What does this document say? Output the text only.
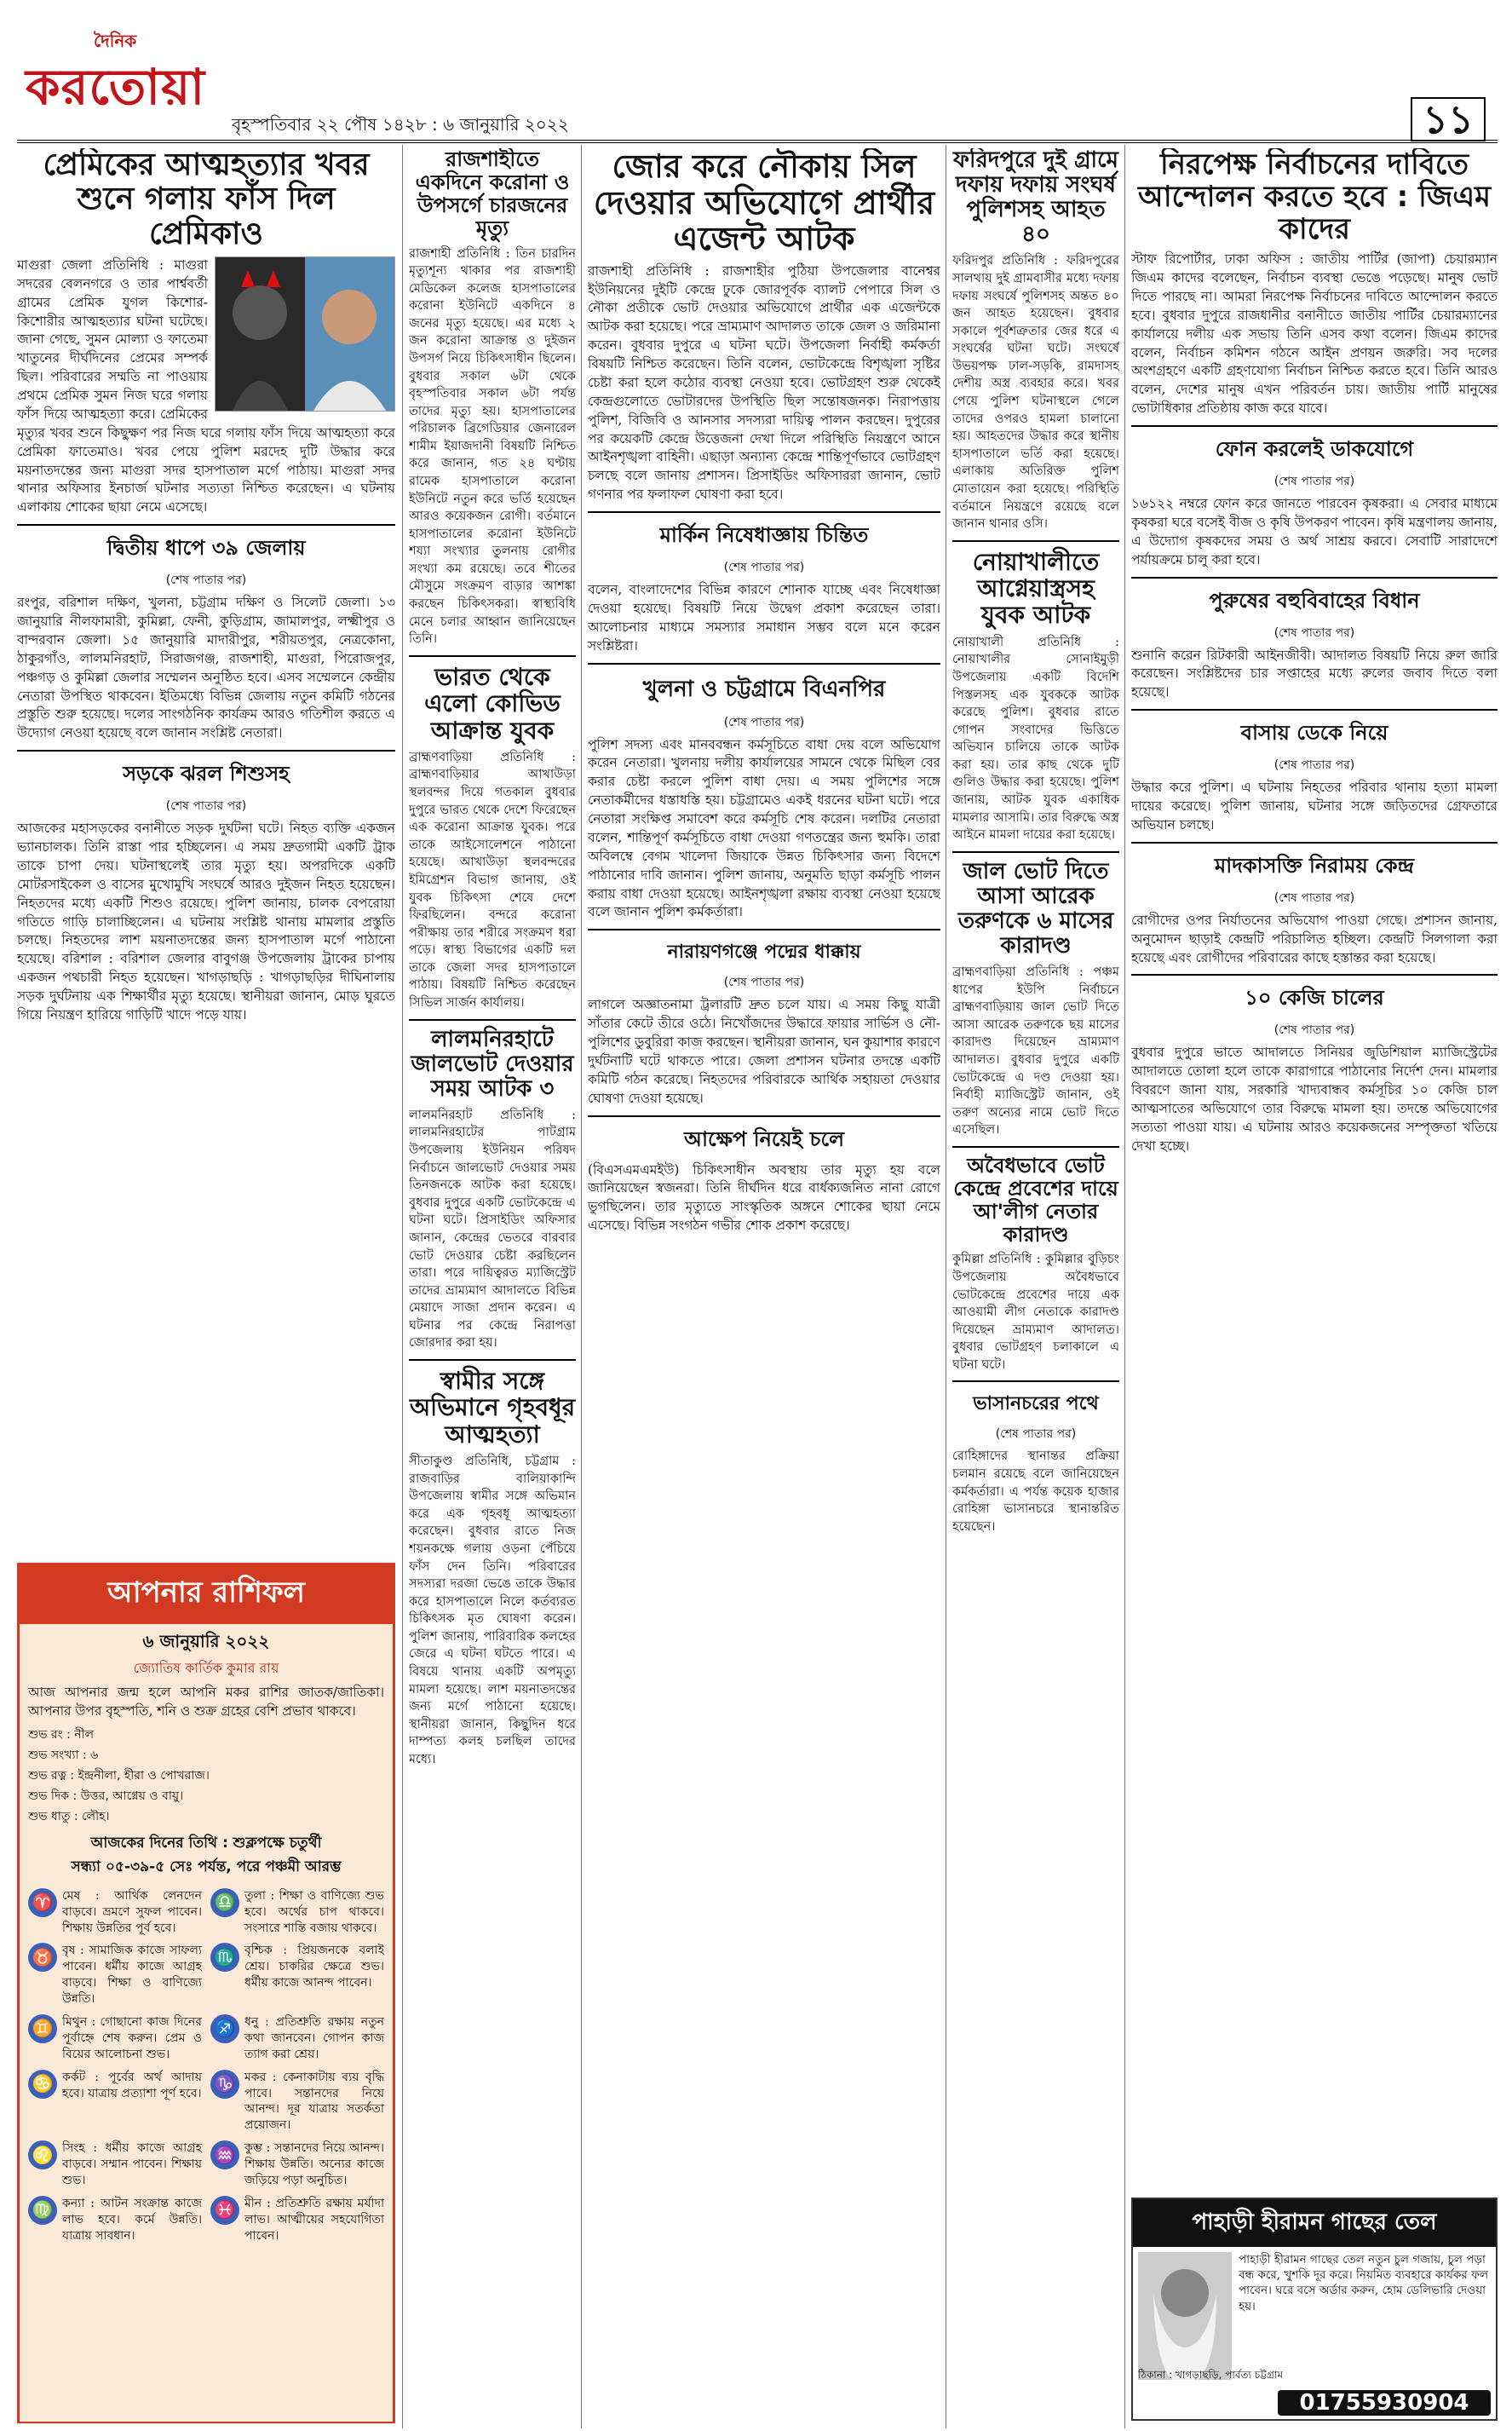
দৈনিক
করতোয়া
বৃহস্পতিবার ২২ পৌষ ১৪২৮ : ৬ জানুয়ারি ২০২২	১১
প্রেমিকের আত্মহত্যার খবর শুনে গলায় ফাঁস দিল প্রেমিকাও

মাগুরা জেলা প্রতিনিধি : মাগুরা সদরের বেলনগরে ও তার পার্শ্ববর্তী গ্রামের প্রেমিক যুগল কিশোর-কিশোরীর আত্মহত্যার ঘটনা ঘটেছে। জানা গেছে, সুমন মোল্যা ও ফাতেমা খাতুনের দীর্ঘদিনের প্রেমের সম্পর্ক ছিল। পরিবারের সম্মতি না পাওয়ায় প্রথমে প্রেমিক সুমন নিজ ঘরে গলায় ফাঁস দিয়ে আত্মহত্যা করে। প্রেমিকের মৃত্যুর খবর শুনে কিছুক্ষণ পর নিজ ঘরে গলায় ফাঁস দিয়ে আত্মহত্যা করে প্রেমিকা ফাতেমাও। খবর পেয়ে পুলিশ মরদেহ দুটি উদ্ধার করে ময়নাতদন্তের জন্য মাগুরা সদর হাসপাতাল মর্গে পাঠায়। মাগুরা সদর থানার অফিসার ইনচার্জ ঘটনার সত্যতা নিশ্চিত করেছেন। এ ঘটনায় এলাকায় শোকের ছায়া নেমে এসেছে।

দ্বিতীয় ধাপে ৩৯ জেলায়

(শেষ পাতার পর)

রংপুর, বরিশাল দক্ষিণ, খুলনা, চট্টগ্রাম দক্ষিণ ও সিলেট জেলা। ১৩ জানুয়ারি নীলফামারী, কুমিল্লা, ফেনী, কুড়িগ্রাম, জামালপুর, লক্ষ্মীপুর ও বান্দরবান জেলা। ১৫ জানুয়ারি মাদারীপুর, শরীয়তপুর, নেত্রকোনা, ঠাকুরগাঁও, লালমনিরহাট, সিরাজগঞ্জ, রাজশাহী, মাগুরা, পিরোজপুর, পঞ্চগড় ও কুমিল্লা জেলার সম্মেলন অনুষ্ঠিত হবে। এসব সম্মেলনে কেন্দ্রীয় নেতারা উপস্থিত থাকবেন। ইতিমধ্যে বিভিন্ন জেলায় নতুন কমিটি গঠনের প্রস্তুতি শুরু হয়েছে। দলের সাংগঠনিক কার্যক্রম আরও গতিশীল করতে এ উদ্যোগ নেওয়া হয়েছে বলে জানান সংশ্লিষ্ট নেতারা।

সড়কে ঝরল শিশুসহ

(শেষ পাতার পর)

আজকের মহাসড়কের বনানীতে সড়ক দুর্ঘটনা ঘটে। নিহত ব্যক্তি একজন ভ্যানচালক। তিনি রাস্তা পার হচ্ছিলেন। এ সময় দ্রুতগামী একটি ট্রাক তাকে চাপা দেয়। ঘটনাস্থলেই তার মৃত্যু হয়। অপরদিকে একটি মোটরসাইকেল ও বাসের মুখোমুখি সংঘর্ষে আরও দুইজন নিহত হয়েছেন। নিহতদের মধ্যে একটি শিশুও রয়েছে। পুলিশ জানায়, চালক বেপরোয়া গতিতে গাড়ি চালাচ্ছিলেন। এ ঘটনায় সংশ্লিষ্ট থানায় মামলার প্রস্তুতি চলছে। নিহতদের লাশ ময়নাতদন্তের জন্য হাসপাতাল মর্গে পাঠানো হয়েছে। বরিশাল : বরিশাল জেলার বাবুগঞ্জ উপজেলায় ট্রাকের চাপায় একজন পথচারী নিহত হয়েছেন। খাগড়াছড়ি : খাগড়াছড়ির দীঘিনালায় সড়ক দুর্ঘটনায় এক শিক্ষার্থীর মৃত্যু হয়েছে। স্থানীয়রা জানান, মোড় ঘুরতে গিয়ে নিয়ন্ত্রণ হারিয়ে গাড়িটি খাদে পড়ে যায়।

আপনার রাশিফল
৬ জানুয়ারি ২০২২
জ্যোতিষ কার্তিক কুমার রায়

আজ আপনার জন্ম হলে আপনি মকর রাশির জাতক/জাতিকা। আপনার উপর বৃহস্পতি, শনি ও শুক্র গ্রহের বেশি প্রভাব থাকবে।

শুভ রং : নীল
শুভ সংখ্যা : ৬
শুভ রত্ন : ইন্দ্রনীলা, হীরা ও পোখরাজ।
শুভ দিক : উত্তর, আগ্নেয় ও বায়ু।
শুভ ধাতু : লৌহ।
আজকের দিনের তিথি : শুক্লপক্ষে চতুর্থী
সন্ধ্যা ০৫-৩৯-৫ সেঃ পর্যন্ত, পরে পঞ্চমী আরম্ভ
♈ মেষ : আর্থিক লেনদেন বাড়বে। ভ্রমণে সুফল পাবেন। শিক্ষায় উন্নতির পূর্ব হবে।
♎ তুলা : শিক্ষা ও বাণিজ্যে শুভ হবে। অর্থের চাপ থাকবে। সংসারে শান্তি বজায় থাকবে।
♉ বৃষ : সামাজিক কাজে সাফল্য পাবেন। ধর্মীয় কাজে আগ্রহ বাড়বে। শিক্ষা ও বাণিজ্যে উন্নতি।
♏ বৃশ্চিক : প্রিয়জনকে বলাই শ্রেয়। চাকরির ক্ষেত্রে শুভ। ধর্মীয় কাজে আনন্দ পাবেন।
♊ মিথুন : গোছানো কাজ দিনের পূর্বাহ্নে শেষ করুন। প্রেম ও বিয়ের আলোচনা শুভ।
♐ ধনু : প্রতিশ্রুতি রক্ষায় নতুন কথা জানবেন। গোপন কাজ ত্যাগ করা শ্রেয়।
♋ কর্কট : পূর্বের অর্থ আদায় হবে। যাত্রায় প্রত্যাশা পূর্ণ হবে। ♑ মকর : কেনাকাটায় ব্যয় বৃদ্ধি পাবে। সন্তানদের নিয়ে আনন্দ। দূর যাত্রায় সতর্কতা প্রয়োজন।
♌ সিংহ : ধর্মীয় কাজে আগ্রহ বাড়বে। সম্মান পাবেন। শিক্ষায় শুভ।
♒ কুম্ভ : সন্তানদের নিয়ে আনন্দ। শিক্ষায় উন্নতি। অন্যের কাজে জড়িয়ে পড়া অনুচিত।
♍ কন্যা : আটন সংক্রান্ত কাজে লাভ হবে। কর্মে উন্নতি। যাত্রায় সাবধান।
♓ মীন : প্রতিশ্রুতি রক্ষায় মর্যাদা লাভ। আত্মীয়ের সহযোগিতা পাবেন।
রাজশাহীতে একদিনে করোনা ও উপসর্গে চারজনের মৃত্যু

রাজশাহী প্রতিনিধি : তিন চারদিন মৃত্যুশূন্য থাকার পর রাজশাহী মেডিকেল কলেজ হাসপাতালের করোনা ইউনিটে একদিনে ৪ জনের মৃত্যু হয়েছে। এর মধ্যে ২ জন করোনা আক্রান্ত ও দুইজন উপসর্গ নিয়ে চিকিৎসাধীন ছিলেন। বুধবার সকাল ৬টা থেকে বৃহস্পতিবার সকাল ৬টা পর্যন্ত তাদের মৃত্যু হয়। হাসপাতালের পরিচালক ব্রিগেডিয়ার জেনারেল শামীম ইয়াজদানী বিষয়টি নিশ্চিত করে জানান, গত ২৪ ঘণ্টায় রামেক হাসপাতালে করোনা ইউনিটে নতুন করে ভর্তি হয়েছেন আরও কয়েকজন রোগী। বর্তমানে হাসপাতালের করোনা ইউনিটে শয্যা সংখ্যার তুলনায় রোগীর সংখ্যা কম রয়েছে। তবে শীতের মৌসুমে সংক্রমণ বাড়ার আশঙ্কা করছেন চিকিৎসকরা। স্বাস্থ্যবিধি মেনে চলার আহ্বান জানিয়েছেন তিনি।

ভারত থেকে এলো কোভিড আক্রান্ত যুবক

ব্রাহ্মণবাড়িয়া প্রতিনিধি : ব্রাহ্মণবাড়িয়ার আখাউড়া স্থলবন্দর দিয়ে গতকাল বুধবার দুপুরে ভারত থেকে দেশে ফিরেছেন এক করোনা আক্রান্ত যুবক। পরে তাকে আইসোলেশনে পাঠানো হয়েছে। আখাউড়া স্থলবন্দরের ইমিগ্রেশন বিভাগ জানায়, ওই যুবক চিকিৎসা শেষে দেশে ফিরছিলেন। বন্দরে করোনা পরীক্ষায় তার শরীরে সংক্রমণ ধরা পড়ে। স্বাস্থ্য বিভাগের একটি দল তাকে জেলা সদর হাসপাতালে পাঠায়। বিষয়টি নিশ্চিত করেছেন সিভিল সার্জন কার্যালয়।

লালমনিরহাটে জালভোট দেওয়ার সময় আটক ৩

লালমনিরহাট প্রতিনিধি : লালমনিরহাটের পাটগ্রাম উপজেলায় ইউনিয়ন পরিষদ নির্বাচনে জালভোট দেওয়ার সময় তিনজনকে আটক করা হয়েছে। বুধবার দুপুরে একটি ভোটকেন্দ্রে এ ঘটনা ঘটে। প্রিসাইডিং অফিসার জানান, কেন্দ্রের ভেতরে বারবার ভোট দেওয়ার চেষ্টা করছিলেন তারা। পরে দায়িত্বরত ম্যাজিস্ট্রেট তাদের ভ্রাম্যমাণ আদালতে বিভিন্ন মেয়াদে সাজা প্রদান করেন। এ ঘটনার পর কেন্দ্রে নিরাপত্তা জোরদার করা হয়।

স্বামীর সঙ্গে অভিমানে গৃহবধূর আত্মহত্যা

সীতাকুণ্ড প্রতিনিধি, চট্টগ্রাম : রাজবাড়ির বালিয়াকান্দি উপজেলায় স্বামীর সঙ্গে অভিমান করে এক গৃহবধূ আত্মহত্যা করেছেন। বুধবার রাতে নিজ শয়নকক্ষে গলায় ওড়না পেঁচিয়ে ফাঁস দেন তিনি। পরিবারের সদস্যরা দরজা ভেঙে তাকে উদ্ধার করে হাসপাতালে নিলে কর্তব্যরত চিকিৎসক মৃত ঘোষণা করেন। পুলিশ জানায়, পারিবারিক কলহের জেরে এ ঘটনা ঘটতে পারে। এ বিষয়ে থানায় একটি অপমৃত্যু মামলা হয়েছে। লাশ ময়নাতদন্তের জন্য মর্গে পাঠানো হয়েছে। স্থানীয়রা জানান, কিছুদিন ধরে দাম্পত্য কলহ চলছিল তাদের মধ্যে।

জোর করে নৌকায় সিল দেওয়ার অভিযোগে প্রার্থীর এজেন্ট আটক

রাজশাহী প্রতিনিধি : রাজশাহীর পুঠিয়া উপজেলার বানেশ্বর ইউনিয়নের দুইটি কেন্দ্রে ঢুকে জোরপূর্বক ব্যালট পেপারে সিল ও নৌকা প্রতীকে ভোট দেওয়ার অভিযোগে প্রার্থীর এক এজেন্টকে আটক করা হয়েছে। পরে ভ্রাম্যমাণ আদালত তাকে জেল ও জরিমানা করেন। বুধবার দুপুরে এ ঘটনা ঘটে। উপজেলা নির্বাহী কর্মকর্তা বিষয়টি নিশ্চিত করেছেন। তিনি বলেন, ভোটকেন্দ্রে বিশৃঙ্খলা সৃষ্টির চেষ্টা করা হলে কঠোর ব্যবস্থা নেওয়া হবে। ভোটগ্রহণ শুরু থেকেই কেন্দ্রগুলোতে ভোটারদের উপস্থিতি ছিল সন্তোষজনক। নিরাপত্তায় পুলিশ, বিজিবি ও আনসার সদস্যরা দায়িত্ব পালন করছেন। দুপুরের পর কয়েকটি কেন্দ্রে উত্তেজনা দেখা দিলে পরিস্থিতি নিয়ন্ত্রণে আনে আইনশৃঙ্খলা বাহিনী। এছাড়া অন্যান্য কেন্দ্রে শান্তিপূর্ণভাবে ভোটগ্রহণ চলছে বলে জানায় প্রশাসন। প্রিসাইডিং অফিসাররা জানান, ভোট গণনার পর ফলাফল ঘোষণা করা হবে।

মার্কিন নিষেধাজ্ঞায় চিন্তিত

(শেষ পাতার পর)

বলেন, বাংলাদেশের বিভিন্ন কারণে শোনাক যাচ্ছে এবং নিষেধাজ্ঞা দেওয়া হয়েছে। বিষয়টি নিয়ে উদ্বেগ প্রকাশ করেছেন তারা। আলোচনার মাধ্যমে সমস্যার সমাধান সম্ভব বলে মনে করেন সংশ্লিষ্টরা।

খুলনা ও চট্টগ্রামে বিএনপির

(শেষ পাতার পর)

পুলিশ সদস্য এবং মানববন্ধন কর্মসূচিতে বাধা দেয় বলে অভিযোগ করেন নেতারা। খুলনায় দলীয় কার্যালয়ের সামনে থেকে মিছিল বের করার চেষ্টা করলে পুলিশ বাধা দেয়। এ সময় পুলিশের সঙ্গে নেতাকর্মীদের ধস্তাধস্তি হয়। চট্টগ্রামেও একই ধরনের ঘটনা ঘটে। পরে নেতারা সংক্ষিপ্ত সমাবেশ করে কর্মসূচি শেষ করেন। দলটির নেতারা বলেন, শান্তিপূর্ণ কর্মসূচিতে বাধা দেওয়া গণতন্ত্রের জন্য হুমকি। তারা অবিলম্বে বেগম খালেদা জিয়াকে উন্নত চিকিৎসার জন্য বিদেশে পাঠানোর দাবি জানান। পুলিশ জানায়, অনুমতি ছাড়া কর্মসূচি পালন করায় বাধা দেওয়া হয়েছে। আইনশৃঙ্খলা রক্ষায় ব্যবস্থা নেওয়া হয়েছে বলে জানান পুলিশ কর্মকর্তারা।

নারায়ণগঞ্জে পদ্মের ধাক্কায়

(শেষ পাতার পর)

লাগলে অজ্ঞাতনামা ট্রলারটি দ্রুত চলে যায়। এ সময় কিছু যাত্রী সাঁতার কেটে তীরে ওঠে। নিখোঁজদের উদ্ধারে ফায়ার সার্ভিস ও নৌ-পুলিশের ডুবুরিরা কাজ করছেন। স্থানীয়রা জানান, ঘন কুয়াশার কারণে দুর্ঘটনাটি ঘটে থাকতে পারে। জেলা প্রশাসন ঘটনার তদন্তে একটি কমিটি গঠন করেছে। নিহতদের পরিবারকে আর্থিক সহায়তা দেওয়ার ঘোষণা দেওয়া হয়েছে।

আক্ষেপ নিয়েই চলে

(বিএসএমএমইউ) চিকিৎসাধীন অবস্থায় তার মৃত্যু হয় বলে জানিয়েছেন স্বজনরা। তিনি দীর্ঘদিন ধরে বার্ধক্যজনিত নানা রোগে ভুগছিলেন। তার মৃত্যুতে সাংস্কৃতিক অঙ্গনে শোকের ছায়া নেমে এসেছে। বিভিন্ন সংগঠন গভীর শোক প্রকাশ করেছে।

ফরিদপুরে দুই গ্রামে দফায় দফায় সংঘর্ষ পুলিশসহ আহত ৪০

ফরিদপুর প্রতিনিধি : ফরিদপুরের সালথায় দুই গ্রামবাসীর মধ্যে দফায় দফায় সংঘর্ষে পুলিশসহ অন্তত ৪০ জন আহত হয়েছেন। বুধবার সকালে পূর্বশত্রুতার জের ধরে এ সংঘর্ষের ঘটনা ঘটে। সংঘর্ষে উভয়পক্ষ ঢাল-সড়কি, রামদাসহ দেশীয় অস্ত্র ব্যবহার করে। খবর পেয়ে পুলিশ ঘটনাস্থলে গেলে তাদের ওপরও হামলা চালানো হয়। আহতদের উদ্ধার করে স্থানীয় হাসপাতালে ভর্তি করা হয়েছে। এলাকায় অতিরিক্ত পুলিশ মোতায়েন করা হয়েছে। পরিস্থিতি বর্তমানে নিয়ন্ত্রণে রয়েছে বলে জানান থানার ওসি।

নোয়াখালীতে আগ্নেয়াস্ত্রসহ যুবক আটক

নোয়াখালী প্রতিনিধি : নোয়াখালীর সোনাইমুড়ী উপজেলায় একটি বিদেশি পিস্তলসহ এক যুবককে আটক করেছে পুলিশ। বুধবার রাতে গোপন সংবাদের ভিত্তিতে অভিযান চালিয়ে তাকে আটক করা হয়। তার কাছ থেকে দুটি গুলিও উদ্ধার করা হয়েছে। পুলিশ জানায়, আটক যুবক একাধিক মামলার আসামি। তার বিরুদ্ধে অস্ত্র আইনে মামলা দায়ের করা হয়েছে।

জাল ভোট দিতে আসা আরেক তরুণকে ৬ মাসের কারাদণ্ড

ব্রাহ্মণবাড়িয়া প্রতিনিধি : পঞ্চম ধাপের ইউপি নির্বাচনে ব্রাহ্মণবাড়িয়ায় জাল ভোট দিতে আসা আরেক তরুণকে ছয় মাসের কারাদণ্ড দিয়েছেন ভ্রাম্যমাণ আদালত। বুধবার দুপুরে একটি ভোটকেন্দ্রে এ দণ্ড দেওয়া হয়। নির্বাহী ম্যাজিস্ট্রেট জানান, ওই তরুণ অন্যের নামে ভোট দিতে এসেছিল।

অবৈধভাবে ভোট কেন্দ্রে প্রবেশের দায়ে আ'লীগ নেতার কারাদণ্ড

কুমিল্লা প্রতিনিধি : কুমিল্লার বুড়িচং উপজেলায় অবৈধভাবে ভোটকেন্দ্রে প্রবেশের দায়ে এক আওয়ামী লীগ নেতাকে কারাদণ্ড দিয়েছেন ভ্রাম্যমাণ আদালত। বুধবার ভোটগ্রহণ চলাকালে এ ঘটনা ঘটে।

ভাসানচরের পথে

(শেষ পাতার পর)

রোহিঙ্গাদের স্থানান্তর প্রক্রিয়া চলমান রয়েছে বলে জানিয়েছেন কর্মকর্তারা। এ পর্যন্ত কয়েক হাজার রোহিঙ্গা ভাসানচরে স্থানান্তরিত হয়েছেন।

নিরপেক্ষ নির্বাচনের দাবিতে আন্দোলন করতে হবে : জিএম কাদের

স্টাফ রিপোর্টার, ঢাকা অফিস : জাতীয় পার্টির (জাপা) চেয়ারম্যান জিএম কাদের বলেছেন, নির্বাচন ব্যবস্থা ভেঙে পড়েছে। মানুষ ভোট দিতে পারছে না। আমরা নিরপেক্ষ নির্বাচনের দাবিতে আন্দোলন করতে হবে। বুধবার দুপুরে রাজধানীর বনানীতে জাতীয় পার্টির চেয়ারম্যানের কার্যালয়ে দলীয় এক সভায় তিনি এসব কথা বলেন। জিএম কাদের বলেন, নির্বাচন কমিশন গঠনে আইন প্রণয়ন জরুরি। সব দলের অংশগ্রহণে একটি গ্রহণযোগ্য নির্বাচন নিশ্চিত করতে হবে। তিনি আরও বলেন, দেশের মানুষ এখন পরিবর্তন চায়। জাতীয় পার্টি মানুষের ভোটাধিকার প্রতিষ্ঠায় কাজ করে যাবে।

ফোন করলেই ডাকযোগে

(শেষ পাতার পর)

১৬১২২ নম্বরে ফোন করে জানতে পারবেন কৃষকরা। এ সেবার মাধ্যমে কৃষকরা ঘরে বসেই বীজ ও কৃষি উপকরণ পাবেন। কৃষি মন্ত্রণালয় জানায়, এ উদ্যোগ কৃষকদের সময় ও অর্থ সাশ্রয় করবে। সেবাটি সারাদেশে পর্যায়ক্রমে চালু করা হবে।

পুরুষের বহুবিবাহের বিধান

(শেষ পাতার পর)

শুনানি করেন রিটকারী আইনজীবী। আদালত বিষয়টি নিয়ে রুল জারি করেছেন। সংশ্লিষ্টদের চার সপ্তাহের মধ্যে রুলের জবাব দিতে বলা হয়েছে।

বাসায় ডেকে নিয়ে

(শেষ পাতার পর)

উদ্ধার করে পুলিশ। এ ঘটনায় নিহতের পরিবার থানায় হত্যা মামলা দায়ের করেছে। পুলিশ জানায়, ঘটনার সঙ্গে জড়িতদের গ্রেফতারে অভিযান চলছে।

মাদকাসক্তি নিরাময় কেন্দ্র

(শেষ পাতার পর)

রোগীদের ওপর নির্যাতনের অভিযোগ পাওয়া গেছে। প্রশাসন জানায়, অনুমোদন ছাড়াই কেন্দ্রটি পরিচালিত হচ্ছিল। কেন্দ্রটি সিলগালা করা হয়েছে এবং রোগীদের পরিবারের কাছে হস্তান্তর করা হয়েছে।

১০ কেজি চালের

(শেষ পাতার পর)

বুধবার দুপুরে ভাতে আদালতে সিনিয়র জুডিশিয়াল ম্যাজিস্ট্রেটের আদালতে তোলা হলে তাকে কারাগারে পাঠানোর নির্দেশ দেন। মামলার বিবরণে জানা যায়, সরকারি খাদ্যবান্ধব কর্মসূচির ১০ কেজি চাল আত্মসাতের অভিযোগে তার বিরুদ্ধে মামলা হয়। তদন্তে অভিযোগের সত্যতা পাওয়া যায়। এ ঘটনায় আরও কয়েকজনের সম্পৃক্ততা খতিয়ে দেখা হচ্ছে।

পাহাড়ী হীরামন গাছের তেল
পাহাড়ী হীরামন গাছের তেল নতুন চুল গজায়, চুল পড়া বন্ধ করে, খুশকি দূর করে। নিয়মিত ব্যবহারে কার্যকর ফল পাবেন। ঘরে বসে অর্ডার করুন, হোম ডেলিভারি দেওয়া হয়।
ঠিকানা : খাগড়াছড়ি, পার্বত্য চট্টগ্রাম
01755930904
